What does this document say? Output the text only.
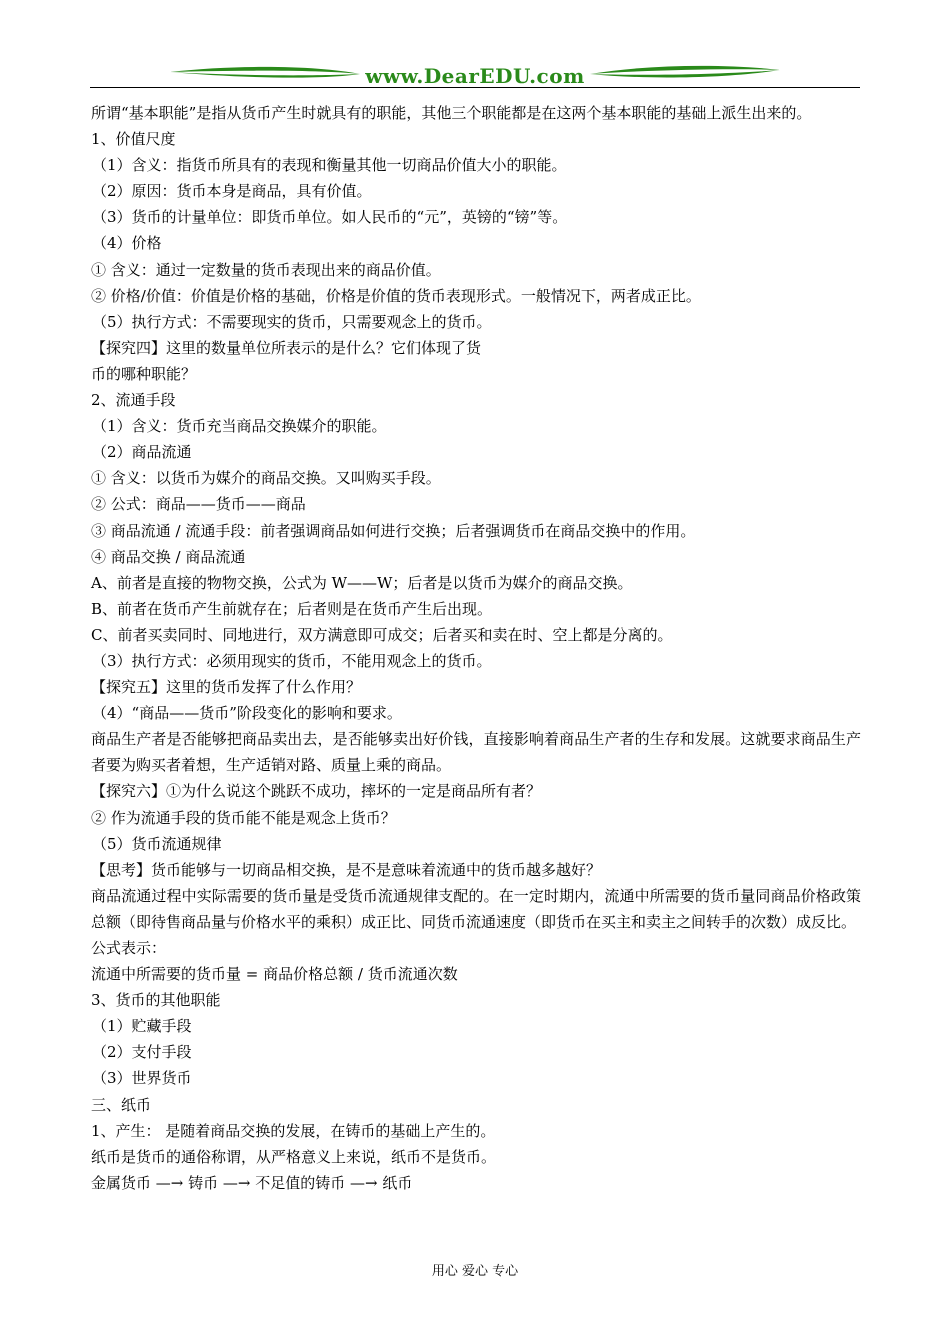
www.DearEDU.com

所谓“基本职能”是指从货币产生时就具有的职能，其他三个职能都是在这两个基本职能的基础上派生出来的。

1、价值尺度

（1）含义：指货币所具有的表现和衡量其他一切商品价值大小的职能。

（2）原因：货币本身是商品，具有价值。

（3）货币的计量单位：即货币单位。如人民币的“元”，英镑的“镑”等。

（4）价格

① 含义：通过一定数量的货币表现出来的商品价值。

② 价格/价值：价值是价格的基础，价格是价值的货币表现形式。一般情况下，两者成正比。

（5）执行方式：不需要现实的货币，只需要观念上的货币。

【探究四】这里的数量单位所表示的是什么？它们体现了货

币的哪种职能？

2、流通手段

（1）含义：货币充当商品交换媒介的职能。

（2）商品流通

① 含义：以货币为媒介的商品交换。又叫购买手段。

② 公式：商品——货币——商品

③ 商品流通 / 流通手段：前者强调商品如何进行交换；后者强调货币在商品交换中的作用。

④ 商品交换 / 商品流通

A、前者是直接的物物交换，公式为 W——W；后者是以货币为媒介的商品交换。

B、前者在货币产生前就存在；后者则是在货币产生后出现。

C、前者买卖同时、同地进行，双方满意即可成交；后者买和卖在时、空上都是分离的。

（3）执行方式：必须用现实的货币，不能用观念上的货币。

【探究五】这里的货币发挥了什么作用？

（4）“商品——货币”阶段变化的影响和要求。

商品生产者是否能够把商品卖出去，是否能够卖出好价钱，直接影响着商品生产者的生存和发展。这就要求商品生产者要为购买者着想，生产适销对路、质量上乘的商品。

【探究六】①为什么说这个跳跃不成功，摔坏的一定是商品所有者？

② 作为流通手段的货币能不能是观念上货币？

（5）货币流通规律

【思考】货币能够与一切商品相交换，是不是意味着流通中的货币越多越好？

商品流通过程中实际需要的货币量是受货币流通规律支配的。在一定时期内，流通中所需要的货币量同商品价格政策总额（即待售商品量与价格水平的乘积）成正比、同货币流通速度（即货币在买主和卖主之间转手的次数）成反比。

公式表示：

流通中所需要的货币量 = 商品价格总额 / 货币流通次数

3、货币的其他职能

（1）贮藏手段

（2）支付手段

（3）世界货币

三、纸币

1、产生： 是随着商品交换的发展，在铸币的基础上产生的。

纸币是货币的通俗称谓，从严格意义上来说，纸币不是货币。

金属货币 —→ 铸币 —→ 不足值的铸币 —→ 纸币

用心 爱心 专心
